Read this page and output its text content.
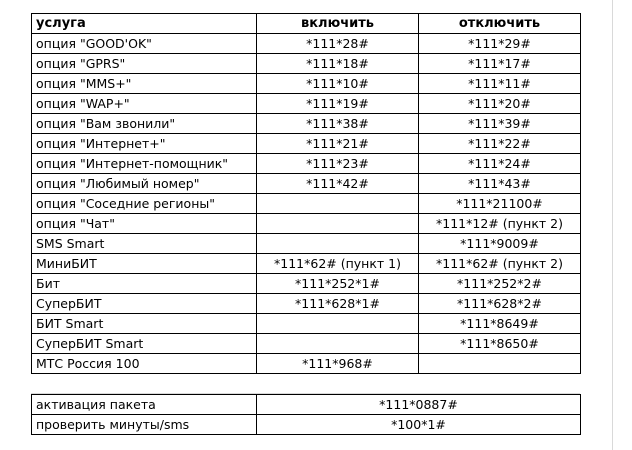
услуга	включить	отключить
опция "GOOD'OK"	*111*28#	*111*29#
опция "GPRS"	*111*18#	*111*17#
опция "MMS+"	*111*10#	*111*11#
опция "WAP+"	*111*19#	*111*20#
опция "Вам звонили"	*111*38#	*111*39#
опция "Интернет+"	*111*21#	*111*22#
опция "Интернет-помощник"	*111*23#	*111*24#
опция "Любимый номер"	*111*42#	*111*43#
опция "Соседние регионы"		*111*21100#
опция "Чат"		*111*12# (пункт 2)
SMS Smart		*111*9009#
МиниБИТ	*111*62# (пункт 1)	*111*62# (пункт 2)
Бит	*111*252*1#	*111*252*2#
СуперБИТ	*111*628*1#	*111*628*2#
БИТ Smart		*111*8649#
СуперБИТ Smart		*111*8650#
МТС Россия 100	*111*968#	
активация пакета	*111*0887#
проверить минуты/sms	*100*1#
